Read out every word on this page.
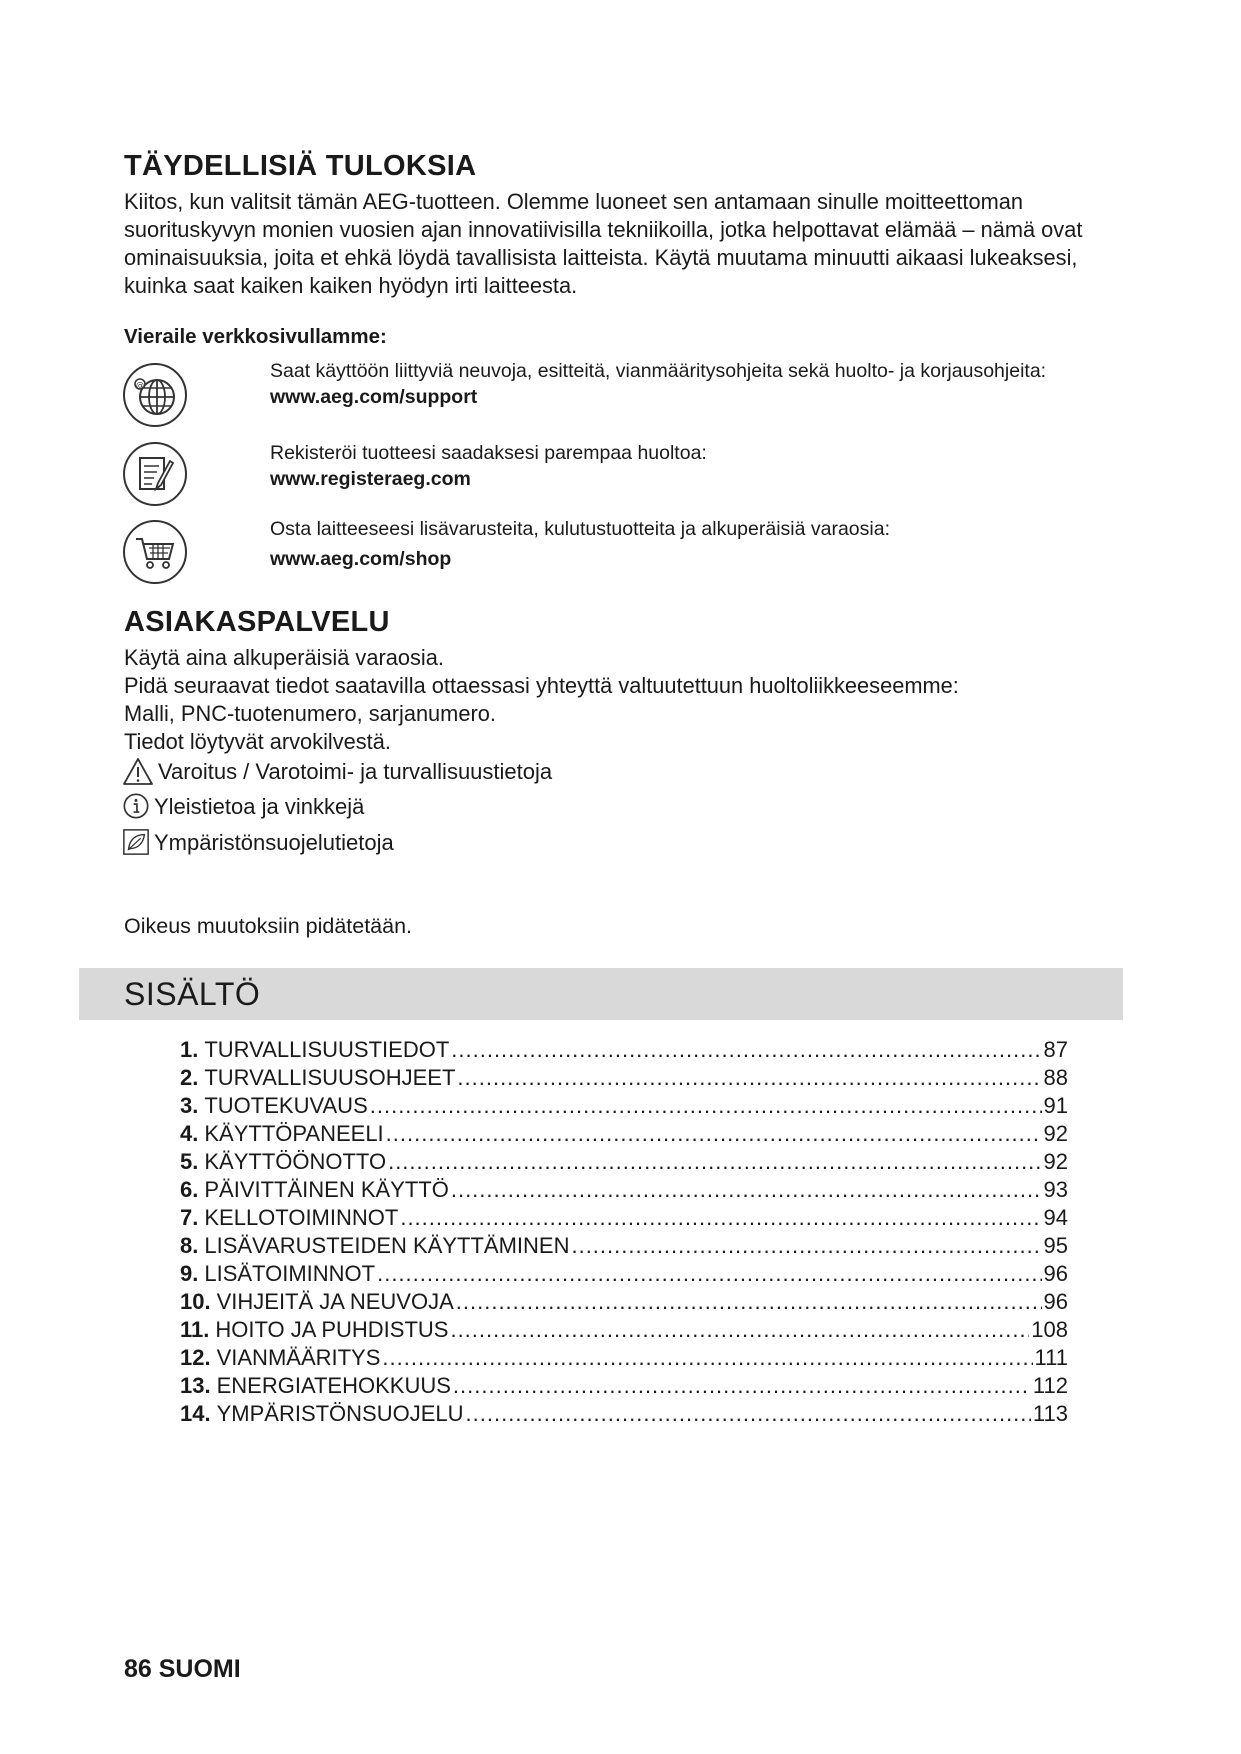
TÄYDELLISIÄ TULOKSIA

Kiitos, kun valitsit tämän AEG-tuotteen. Olemme luoneet sen antamaan sinulle moitteettoman suorituskyvyn monien vuosien ajan innovatiivisilla tekniikoilla, jotka helpottavat elämää – nämä ovat ominaisuuksia, joita et ehkä löydä tavallisista laitteista. Käytä muutama minuutti aikaasi lukeaksesi, kuinka saat kaiken kaiken hyödyn irti laitteesta.

Vieraile verkkosivullamme:
@
Saat käyttöön liittyviä neuvoja, esitteitä, vianmääritysohjeita sekä huolto- ja korjausohjeita:
www.aeg.com/support
Rekisteröi tuotteesi saadaksesi parempaa huoltoa:
www.registeraeg.com
Osta laitteeseesi lisävarusteita, kulutustuotteita ja alkuperäisiä varaosia:
www.aeg.com/shop
ASIAKASPALVELU
Käytä aina alkuperäisiä varaosia.
Pidä seuraavat tiedot saatavilla ottaessasi yhteyttä valtuutettuun huoltoliikkeeseemme:
Malli, PNC-tuotenumero, sarjanumero.
Tiedot löytyvät arvokilvestä.
Varoitus / Varotoimi- ja turvallisuustietoja
Yleistietoa ja vinkkejä
Ympäristönsuojelutietoja
Oikeus muutoksiin pidätetään.
SISÄLTÖ
1. TURVALLISUUSTIEDOT .....	87
2. TURVALLISUUSOHJEET .....	88
3. TUOTEKUVAUS .....	91
4. KÄYTTÖPANEELI .....	92
5. KÄYTTÖÖNOTTO .....	92
6. PÄIVITTÄINEN KÄYTTÖ .....	93
7. KELLOTOIMINNOT .....	94
8. LISÄVARUSTEIDEN KÄYTTÄMINEN .....	95
9. LISÄTOIMINNOT .....	96
10. VIHJEITÄ JA NEUVOJA .....	96
11. HOITO JA PUHDISTUS .....	108
12. VIANMÄÄRITYS .....	111
13. ENERGIATEHOKKUUS .....	112
14. YMPÄRISTÖNSUOJELU .....	113
86 SUOMI
